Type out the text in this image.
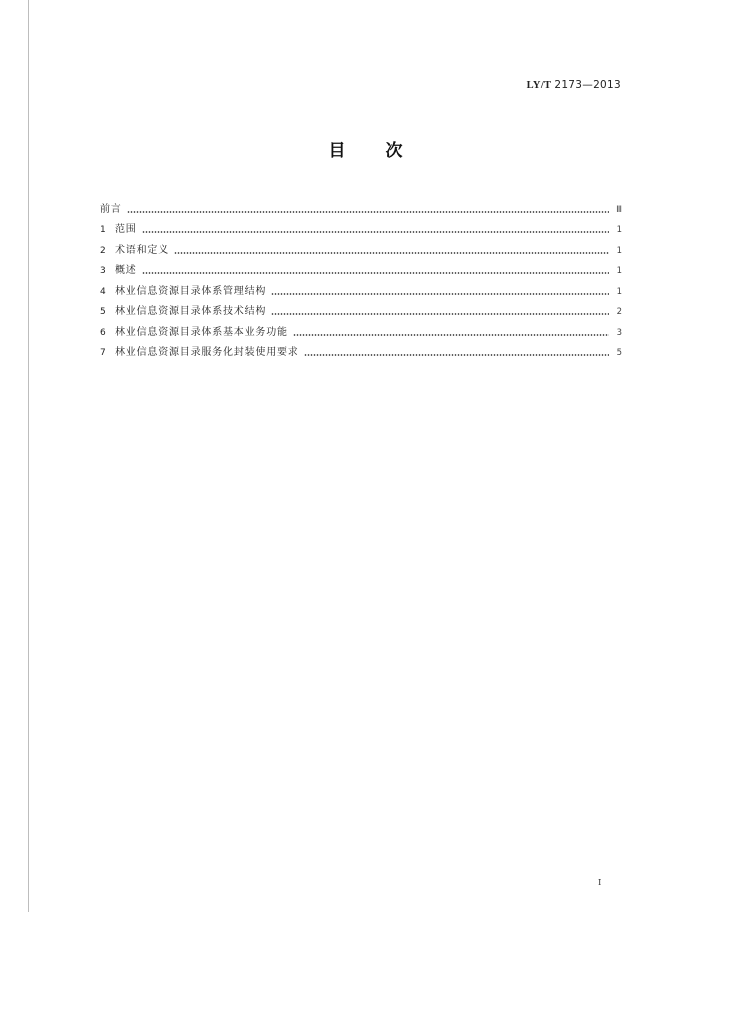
LY/T 2173—2013
目次
前言	Ⅲ
1 范围	1
2 术语和定义	1
3 概述	1
4 林业信息资源目录体系管理结构	1
5 林业信息资源目录体系技术结构	2
6 林业信息资源目录体系基本业务功能	3
7 林业信息资源目录服务化封装使用要求	5
I
